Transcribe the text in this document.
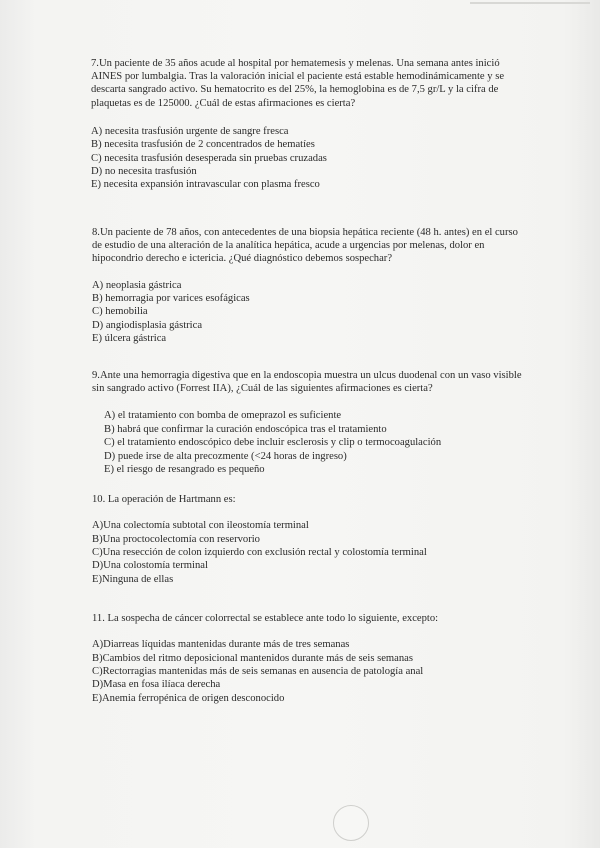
7.Un paciente de 35 años acude al hospital por hematemesis y melenas. Una semana antes inició AINES por lumbalgia. Tras la valoración inicial el paciente está estable hemodinámicamente y se descarta sangrado activo. Su hematocrito es del 25%, la hemoglobina es de 7,5 gr/L y la cifra de plaquetas es de 125000. ¿Cuál de estas afirmaciones es cierta?

A) necesita trasfusión urgente de sangre fresca
B) necesita trasfusión de 2 concentrados de hematíes
C) necesita trasfusión desesperada sin pruebas cruzadas
D) no necesita trasfusión
E) necesita expansión intravascular con plasma fresco

8.Un paciente de 78 años, con antecedentes de una biopsia hepática reciente (48 h. antes) en el curso de estudio de una alteración de la analítica hepática, acude a urgencias por melenas, dolor en hipocondrio derecho e ictericia. ¿Qué diagnóstico debemos sospechar?

A) neoplasia gástrica
B) hemorragia por varices esofágicas
C) hemobilia
D) angiodisplasia gástrica
E) úlcera gástrica

9.Ante una hemorragia digestiva que en la endoscopia muestra un ulcus duodenal con un vaso visible sin sangrado activo (Forrest IIA), ¿Cuál de las siguientes afirmaciones es cierta?

A) el tratamiento con bomba de omeprazol es suficiente
B) habrá que confirmar la curación endoscópica tras el tratamiento
C) el tratamiento endoscópico debe incluir esclerosis y clip o termocoagulación
D) puede irse de alta precozmente (<24 horas de ingreso)
E) el riesgo de resangrado es pequeño

10. La operación de Hartmann es:

A)Una colectomía subtotal con ileostomía terminal
B)Una proctocolectomía con reservorio
C)Una resección de colon izquierdo con exclusión rectal y colostomía terminal
D)Una colostomía terminal
E)Ninguna de ellas

11. La sospecha de cáncer colorrectal se establece ante todo lo siguiente, excepto:

A)Diarreas líquidas mantenidas durante más de tres semanas
B)Cambios del ritmo deposicional mantenidos durante más de seis semanas
C)Rectorragias mantenidas más de seis semanas en ausencia de patología anal
D)Masa en fosa ilíaca derecha
E)Anemia ferropénica de origen desconocido
